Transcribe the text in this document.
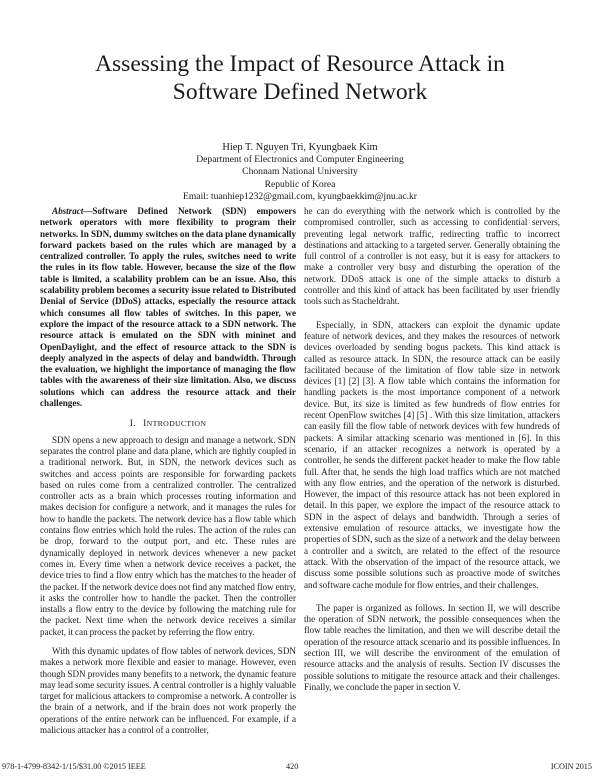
Assessing the Impact of Resource Attack in
Software Defined Network
Hiep T. Nguyen Tri, Kyungbaek Kim
Department of Electronics and Computer Engineering
Chonnam National University
Republic of Korea
Email: tuanhiep1232@gmail.com, kyungbaekkim@jnu.ac.kr

Abstract—Software Defined Network (SDN) empowers network operators with more flexibility to program their networks. In SDN, dummy switches on the data plane dynamically forward packets based on the rules which are managed by a centralized controller. To apply the rules, switches need to write the rules in its flow table. However, because the size of the flow table is limited, a scalability problem can be an issue. Also, this scalability problem becomes a security issue related to Distributed Denial of Service (DDoS) attacks, especially the resource attack which consumes all flow tables of switches. In this paper, we explore the impact of the resource attack to a SDN network. The resource attack is emulated on the SDN with mininet and OpenDaylight, and the effect of resource attack to the SDN is deeply analyzed in the aspects of delay and bandwidth. Through the evaluation, we highlight the importance of managing the flow tables with the awareness of their size limitation. Also, we discuss solutions which can address the resource attack and their challenges.

I. INTRODUCTION

SDN opens a new approach to design and manage a network. SDN separates the control plane and data plane, which are tightly coupled in a traditional network. But, in SDN, the network devices such as switches and access points are responsible for forwarding packets based on rules come from a centralized controller. The centralized controller acts as a brain which processes routing information and makes decision for configure a network, and it manages the rules for how to handle the packets. The network device has a flow table which contains flow entries which hold the rules. The action of the rules can be drop, forward to the output port, and etc. These rules are dynamically deployed in network devices whenever a new packet comes in. Every time when a network device receives a packet, the device tries to find a flow entry which has the matches to the header of the packet. If the network device does not find any matched flow entry, it asks the controller how to handle the packet. Then the controller installs a flow entry to the device by following the matching rule for the packet. Next time when the network device receives a similar packet, it can process the packet by referring the flow entry.

With this dynamic updates of flow tables of network devices, SDN makes a network more flexible and easier to manage. However, even though SDN provides many benefits to a network, the dynamic feature may lead some security issues. A central controller is a highly valuable target for malicious attackers to compromise a network. A controller is the brain of a network, and if the brain does not work properly the operations of the entire network can be influenced. For example, if a malicious attacker has a control of a controller,

he can do everything with the network which is controlled by the compromised controller, such as accessing to confidential servers, preventing legal network traffic, redirecting traffic to incorrect destinations and attacking to a targeted server. Generally obtaining the full control of a controller is not easy, but it is easy for attackers to make a controller very busy and disturbing the operation of the network. DDoS attack is one of the simple attacks to disturb a controller and this kind of attack has been facilitated by user friendly tools such as Stacheldraht.

Especially, in SDN, attackers can exploit the dynamic update feature of network devices, and they makes the resources of network devices overloaded by sending bogus packets. This kind attack is called as resource attack. In SDN, the resource attack can be easily facilitated because of the limitation of flow table size in network devices [1] [2] [3]. A flow table which contains the information for handling packets is the most importance component of a network device. But, its size is limited as few hundreds of flow entries for recent OpenFlow switches [4] [5] . With this size limitation, attackers can easily fill the flow table of network devices with few hundreds of packets. A similar attacking scenario was mentioned in [6]. In this scenario, if an attacker recognizes a network is operated by a controller, he sends the different packet header to make the flow table full. After that, he sends the high load traffics which are not matched with any flow entries, and the operation of the network is disturbed. However, the impact of this resource attack has not been explored in detail. In this paper, we explore the impact of the resource attack to SDN in the aspect of delays and bandwidth. Through a series of extensive emulation of resource attacks, we investigate how the properties of SDN, such as the size of a network and the delay between a controller and a switch, are related to the effect of the resource attack. With the observation of the impact of the resource attack, we discuss some possible solutions such as proactive mode of switches and software cache module for flow entries, and their challenges.

The paper is organized as follows. In section II, we will describe the operation of SDN network, the possible consequences when the flow table reaches the limitation, and then we will describe detail the operation of the resource attack scenario and its possible influences. In section III, we will describe the environment of the emulation of resource attacks and the analysis of results. Section IV discusses the possible solutions to mitigate the resource attack and their challenges. Finally, we conclude the paper in section V.

978-1-4799-8342-1/15/$31.00 ©2015 IEEE	420	ICOIN 2015
